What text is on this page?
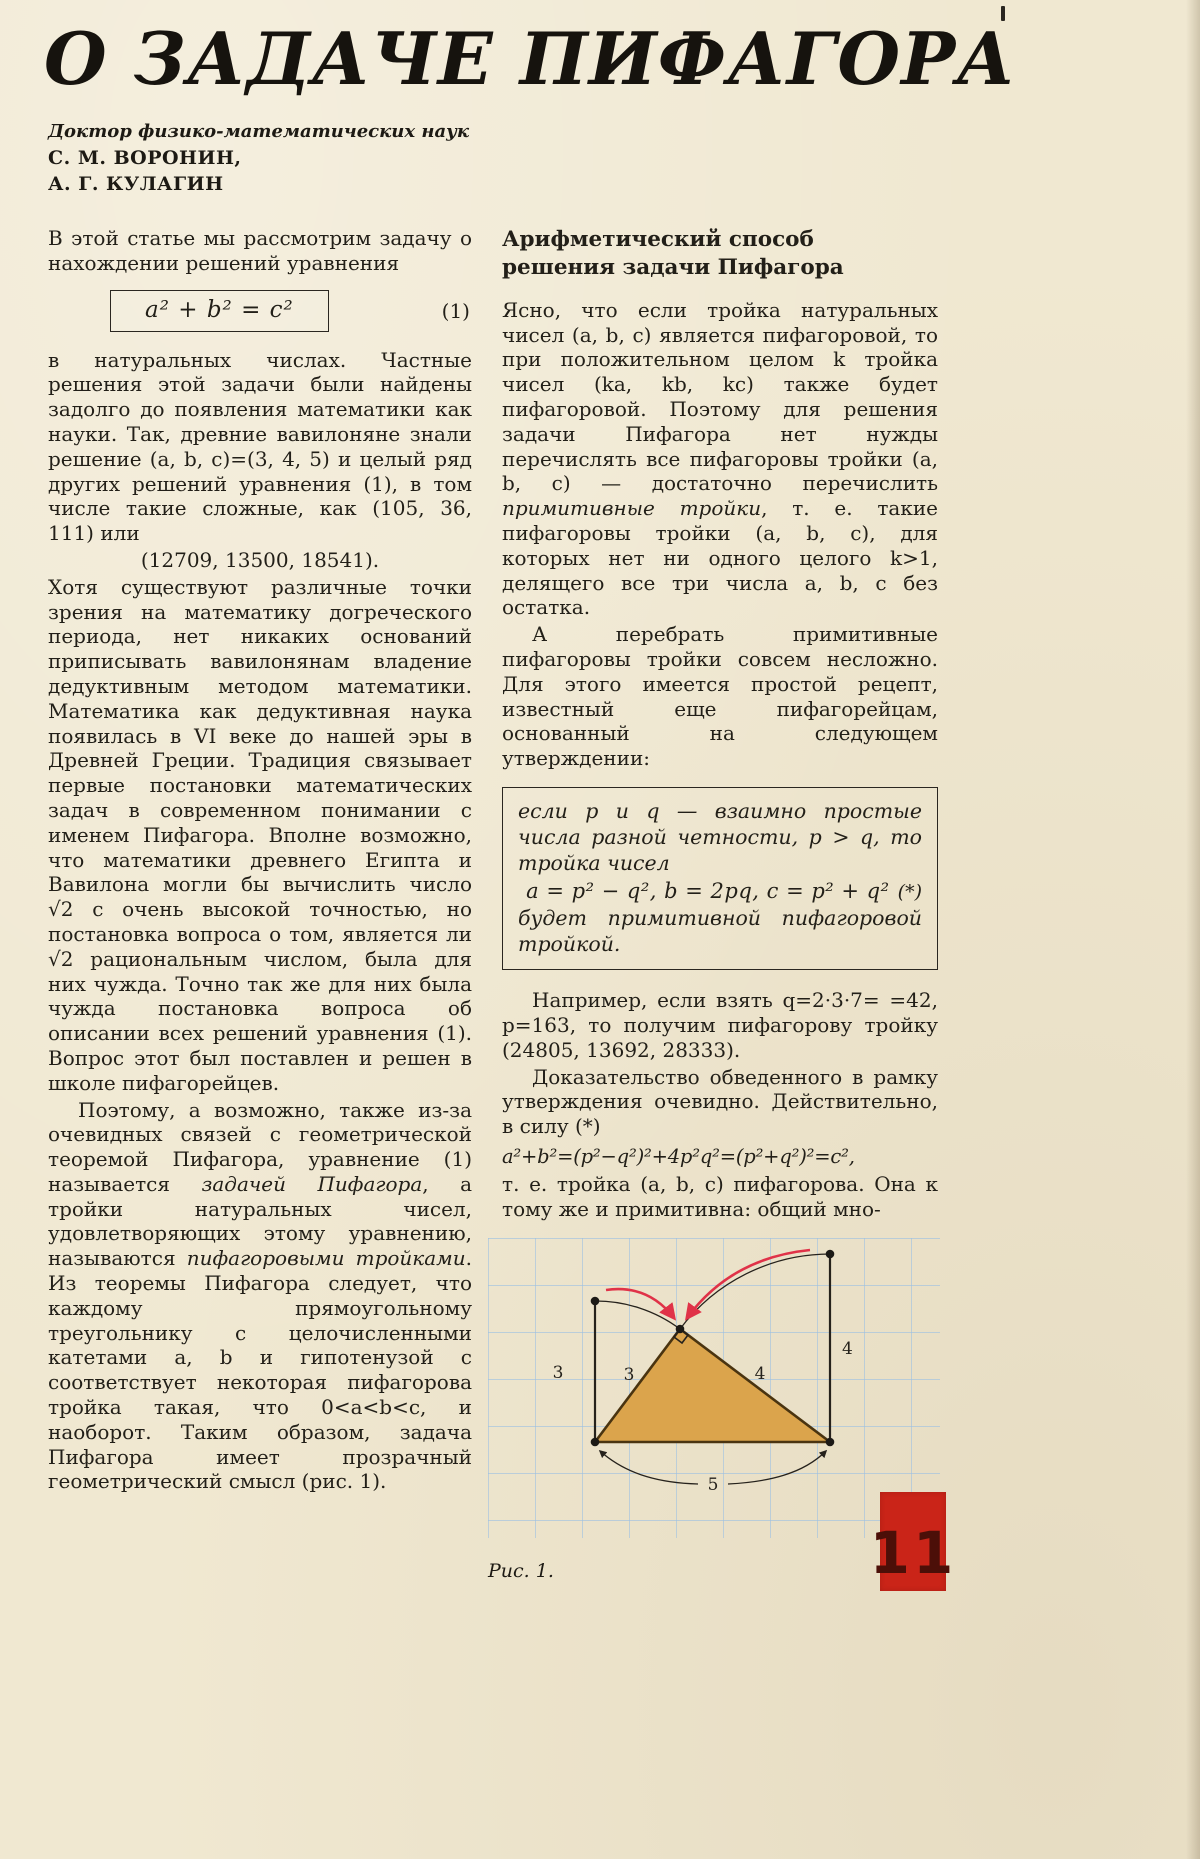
О ЗАДАЧЕ ПИФАГОРА
Доктор физико-математических наук
С. М. ВОРОНИН,
А. Г. КУЛАГИН

В этой статье мы рассмотрим задачу о нахождении решений уравнения

a² + b² = c²	(1)

в натуральных числах. Частные решения этой задачи были найдены задолго до появления математики как науки. Так, древние вавилоняне знали решение (a, b, c)=(3, 4, 5) и целый ряд других решений уравнения (1), в том числе такие сложные, как (105, 36, 111) или

(12709, 13500, 18541).

Хотя существуют различные точки зрения на математику догреческого периода, нет никаких оснований приписывать вавилонянам владение дедуктивным методом математики. Математика как дедуктивная наука появилась в VI веке до нашей эры в Древней Греции. Традиция связывает первые постановки математических задач в современном понимании с именем Пифагора. Вполне возможно, что математики древнего Египта и Вавилона могли бы вычислить число √2 с очень высокой точностью, но постановка вопроса о том, является ли √2 рациональным числом, была для них чужда. Точно так же для них была чужда постановка вопроса об описании всех решений уравнения (1). Вопрос этот был поставлен и решен в школе пифагорейцев.

Поэтому, а возможно, также из-за очевидных связей с геометрической теоремой Пифагора, уравнение (1) называется задачей Пифагора, а тройки натуральных чисел, удовлетворяющих этому уравнению, называются пифагоровыми тройками. Из теоремы Пифагора следует, что каждому прямоугольному треугольнику с целочисленными катетами a, b и гипотенузой c соответствует некоторая пифагорова тройка такая, что 0<a<b<c, и наоборот. Таким образом, задача Пифагора имеет прозрачный геометрический смысл (рис. 1).

Арифметический способ
решения задачи Пифагора

Ясно, что если тройка натуральных чисел (a, b, c) является пифагоровой, то при положительном целом k тройка чисел (ka, kb, kc) также будет пифагоровой. Поэтому для решения задачи Пифагора нет нужды перечислять все пифагоровы тройки (a, b, c) — достаточно перечислить примитивные тройки, т. е. такие пифагоровы тройки (a, b, c), для которых нет ни одного целого k>1, делящего все три числа a, b, c без остатка.

А перебрать примитивные пифагоровы тройки совсем несложно. Для этого имеется простой рецепт, известный еще пифагорейцам, основанный на следующем утверждении:

если p и q — взаимно простые числа разной четности, p > q, то тройка чисел

a = p² − q², b = 2pq, c = p² + q² (*)

будет примитивной пифагоровой тройкой.

Например, если взять q=2·3·7= =42, p=163, то получим пифагорову тройку (24805, 13692, 28333).

Доказательство обведенного в рамку утверждения очевидно. Действительно, в силу (*)

a²+b²=(p²−q²)²+4p²q²=(p²+q²)²=c²,

т. е. тройка (a, b, c) пифагорова. Она к тому же и примитивна: общий мно-

3	3	4
4
5
Рис. 1.	11
